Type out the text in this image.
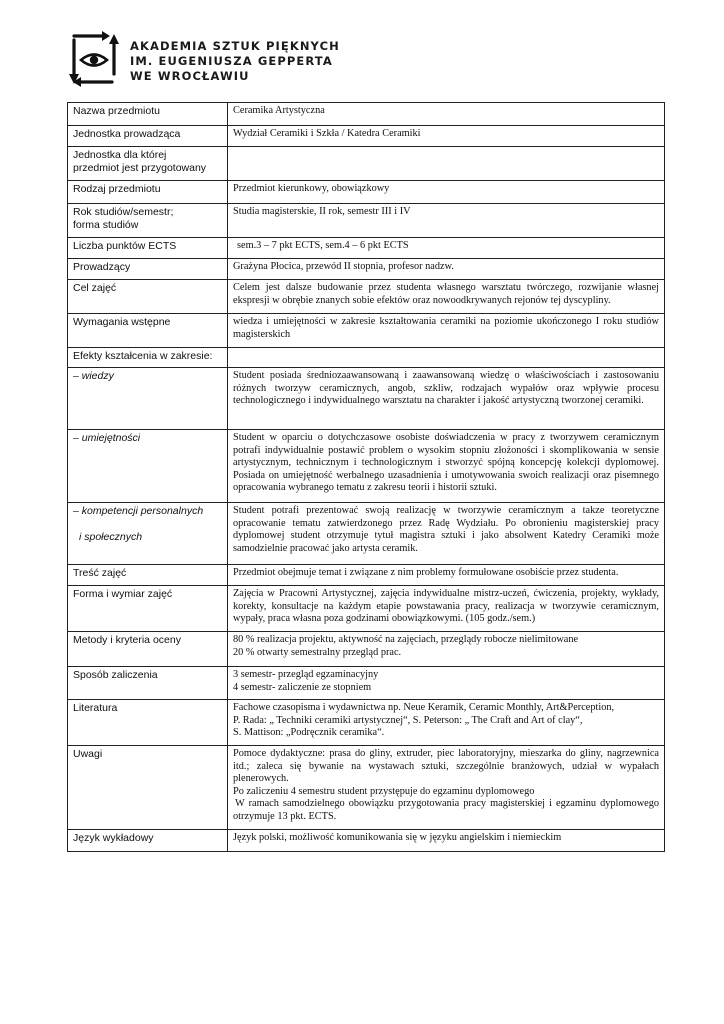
AKADEMIA SZTUK PIĘKNYCH
IM. EUGENIUSZA GEPPERTA
WE WROCŁAWIU
Nazwa przedmiotu	Ceramika Artystyczna
Jednostka prowadząca	Wydział Ceramiki i Szkła / Katedra Ceramiki

Jednostka dla której
przedmiot jest przygotowany	

Rodzaj przedmiotu	Przedmiot kierunkowy, obowiązkowy

Rok studiów/semestr;
forma studiów	Studia magisterskie, II rok, semestr III i IV
Liczba punktów ECTS	sem.3 – 7 pkt ECTS, sem.4 – 6 pkt ECTS
Prowadzący	Grażyna Płocica, przewód II stopnia, profesor nadzw.
Cel zajęć	Celem jest dalsze budowanie przez studenta własnego warsztatu twórczego, rozwijanie własnej ekspresji w obrębie znanych sobie efektów oraz nowoodkrywanych rejonów tej dyscypliny.
Wymagania wstępne	wiedza i umiejętności w zakresie kształtowania ceramiki na poziomie ukończonego I roku studiów magisterskich
Efekty kształcenia w zakresie:	
– wiedzy	Student posiada średniozaawansowaną i zaawansowaną wiedzę o właściwościach i zastosowaniu różnych tworzyw ceramicznych, angob, szkliw, rodzajach wypałów oraz wpływie procesu technologicznego i indywidualnego warsztatu na charakter i jakość artystyczną tworzonej ceramiki.
– umiejętności	Student w oparciu o dotychczasowe osobiste doświadczenia w pracy z tworzywem ceramicznym potrafi indywidualnie postawić problem o wysokim stopniu złożoności i skomplikowania w sensie artystycznym, technicznym i technologicznym i stworzyć spójną koncepcję kolekcji dyplomowej. Posiada on umiejętność werbalnego uzasadnienia i umotywowania swoich realizacji oraz pisemnego opracowania wybranego tematu z zakresu teorii i historii sztuki.

– kompetencji personalnych
i społecznych	Student potrafi prezentować swoją realizację w tworzywie ceramicznym a takze teoretyczne opracowanie tematu zatwierdzonego przez Radę Wydziału. Po obronieniu magisterskiej pracy dyplomowej student otrzymuje tytuł magistra sztuki i jako absolwent Katedry Ceramiki może samodzielnie pracować jako artysta ceramik.
Treść zajęć	Przedmiot obejmuje temat i związane z nim problemy formułowane osobiście przez studenta.
Forma i wymiar zajęć	Zajęcia w Pracowni Artystycznej, zajęcia indywidualne mistrz-uczeń, ćwiczenia, projekty, wykłady, korekty, konsultacje na każdym etapie powstawania pracy, realizacja w tworzywie ceramicznym, wypały, praca własna poza godzinami obowiązkowymi. (105 godz./sem.)
Metody i kryteria oceny	80 % realizacja projektu, aktywność na zajęciach, przeglądy robocze nielimitowane
20 % otwarty semestralny przegląd prac.

Sposób zaliczenia	3 semestr- przegląd egzaminacyjny
4 semestr- zaliczenie ze stopniem

Literatura	Fachowe czasopisma i wydawnictwa np. Neue Keramik, Ceramic Monthly, Art&Perception,
P. Rada: „ Techniki ceramiki artystycznej“, S. Peterson: „ The Craft and Art of clay“,
S. Mattison: „Podręcznik ceramika“.

Uwagi	Pomoce dydaktyczne: prasa do gliny, extruder, piec laboratoryjny, mieszarka do gliny, nagrzewnica itd.; zaleca się bywanie na wystawach sztuki, szczególnie branżowych, udział w wypałach plenerowych.
Po zaliczeniu 4 semestru student przystępuje do egzaminu dyplomowego
W ramach samodzielnego obowiązku przygotowania pracy magisterskiej i egzaminu dyplomowego otrzymuje 13 pkt. ECTS.

Język wykładowy	Język polski, możliwość komunikowania się w języku angielskim i niemieckim
